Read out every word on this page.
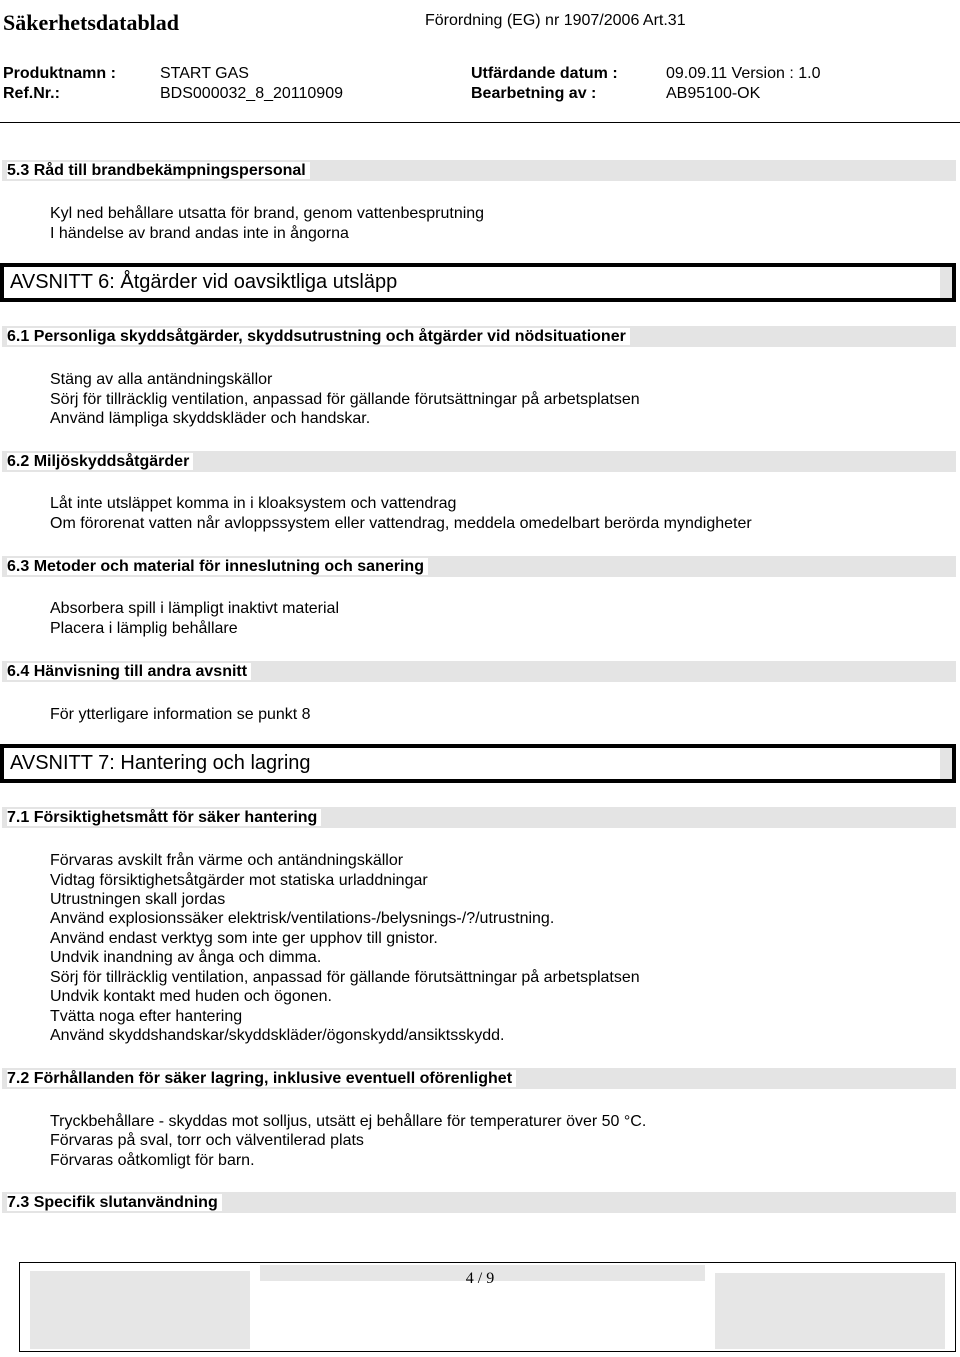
Säkerhetsdatablad	Förordning (EG) nr 1907/2006 Art.31
Produktnamn :	START GAS	Utfärdande datum :	09.09.11 Version : 1.0
Ref.Nr.:	BDS000032_8_20110909	Bearbetning av :	AB95100-OK
5.3 Råd till brandbekämpningspersonal
Kyl ned behållare utsatta för brand, genom vattenbesprutning
I händelse av brand andas inte in ångorna
AVSNITT 6: Åtgärder vid oavsiktliga utsläpp
6.1 Personliga skyddsåtgärder, skyddsutrustning och åtgärder vid nödsituationer
Stäng av alla antändningskällor
Sörj för tillräcklig ventilation, anpassad för gällande förutsättningar på arbetsplatsen
Använd lämpliga skyddskläder och handskar.
6.2 Miljöskyddsåtgärder
Låt inte utsläppet komma in i kloaksystem och vattendrag
Om förorenat vatten når avloppssystem eller vattendrag, meddela omedelbart berörda myndigheter
6.3 Metoder och material för inneslutning och sanering
Absorbera spill i lämpligt inaktivt material
Placera i lämplig behållare
6.4 Hänvisning till andra avsnitt
För ytterligare information se punkt 8
AVSNITT 7: Hantering och lagring
7.1 Försiktighetsmått för säker hantering
Förvaras avskilt från värme och antändningskällor
Vidtag försiktighetsåtgärder mot statiska urladdningar
Utrustningen skall jordas
Använd explosionssäker elektrisk/ventilations-/belysnings-/?/utrustning.
Använd endast verktyg som inte ger upphov till gnistor.
Undvik inandning av ånga och dimma.
Sörj för tillräcklig ventilation, anpassad för gällande förutsättningar på arbetsplatsen
Undvik kontakt med huden och ögonen.
Tvätta noga efter hantering
Använd skyddshandskar/skyddskläder/ögonskydd/ansiktsskydd.
7.2 Förhållanden för säker lagring, inklusive eventuell oförenlighet
Tryckbehållare - skyddas mot solljus, utsätt ej behållare för temperaturer över 50 °C.
Förvaras på sval, torr och välventilerad plats
Förvaras oåtkomligt för barn.
7.3 Specifik slutanvändning
4 / 9
